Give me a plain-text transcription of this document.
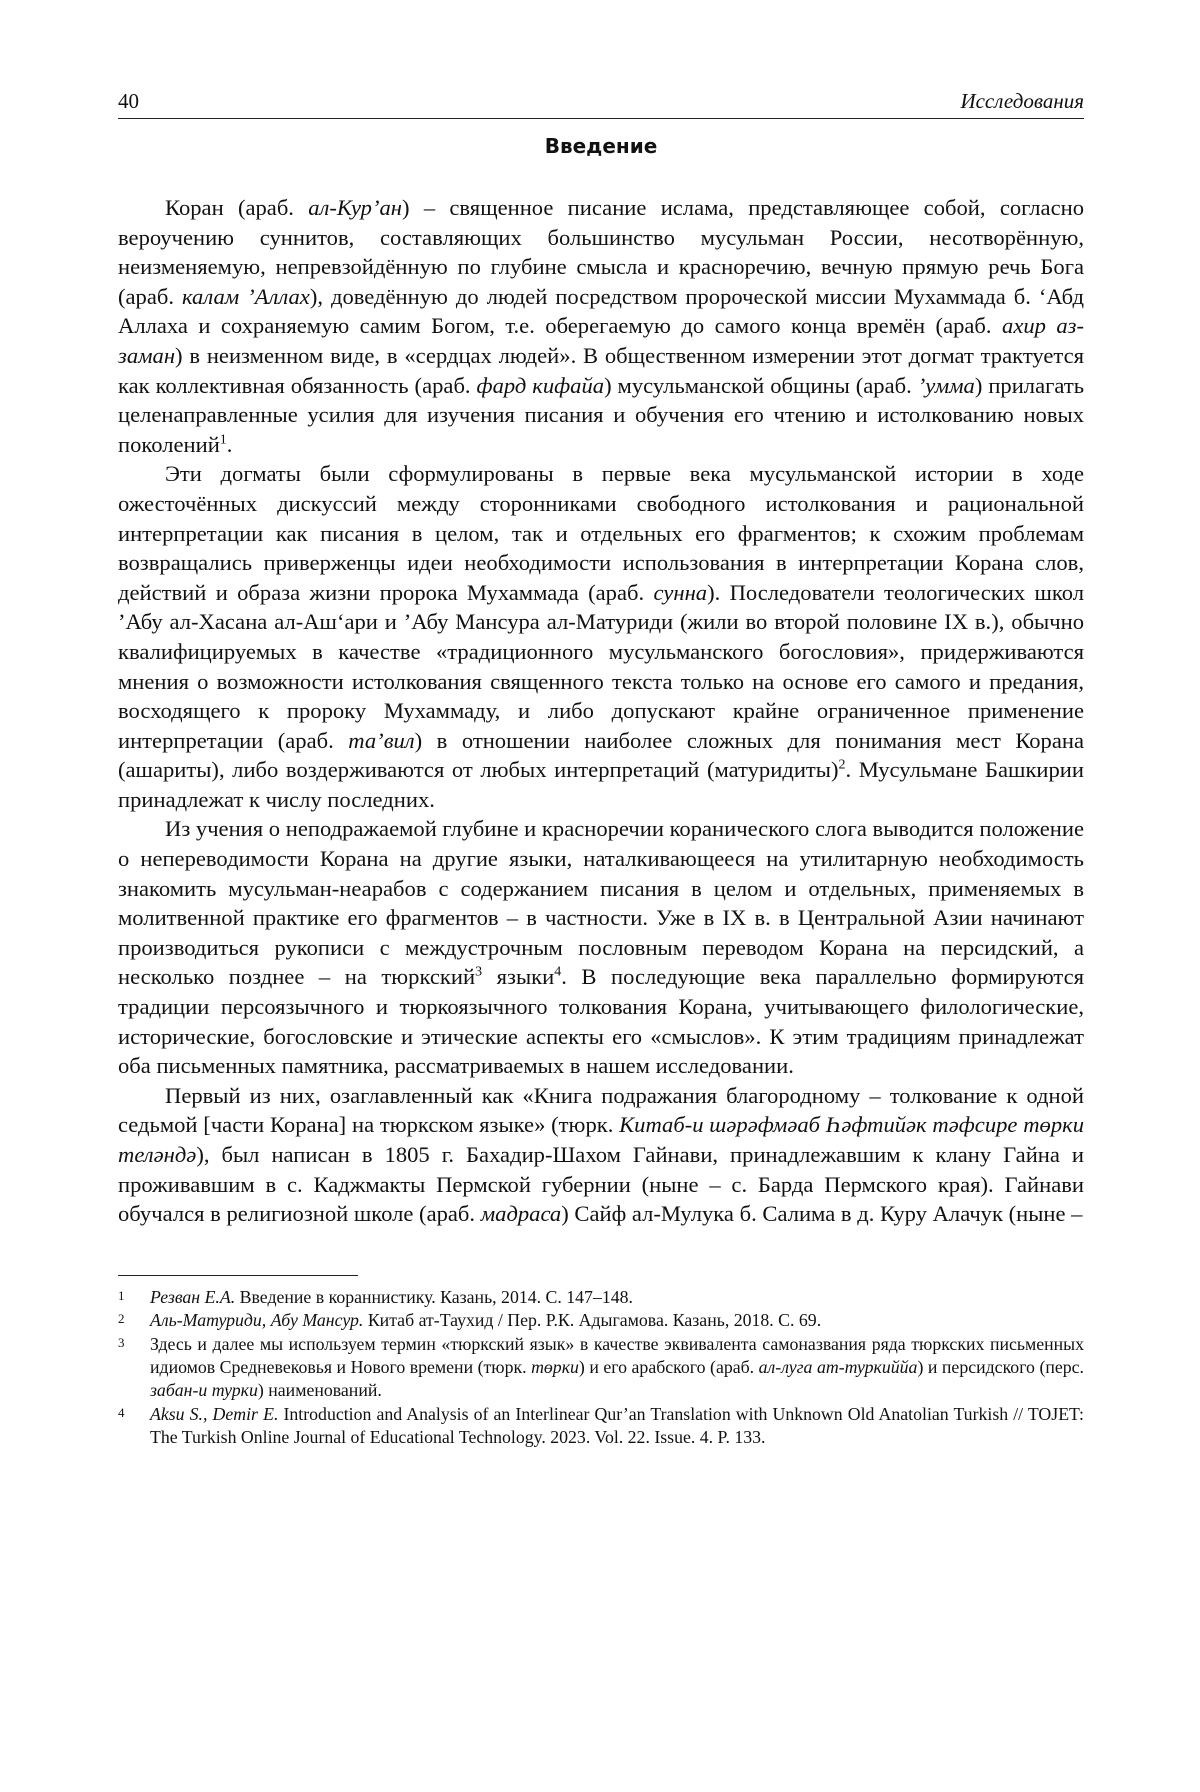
40	Исследования
Введение

Коран (араб. ал-Кур’ан) – священное писание ислама, представляющее собой, согласно вероучению суннитов, составляющих большинство мусульман России, несотворённую, неизменяемую, непревзойдённую по глубине смысла и красноречию, вечную прямую речь Бога (араб. калам ’Аллах), доведённую до людей посредством пророческой миссии Мухаммада б. ‘Абд Аллаха и сохраняемую самим Богом, т.е. оберегаемую до самого конца времён (араб. ахир аз-заман) в неизменном виде, в «сердцах людей». В общественном измерении этот догмат трактуется как коллективная обязанность (араб. фард кифайа) мусульманской общины (араб. ’умма) прилагать целенаправленные усилия для изучения писания и обучения его чтению и истолкованию новых поколений$^1$.

Эти догматы были сформулированы в первые века мусульманской истории в ходе ожесточённых дискуссий между сторонниками свободного истолкования и рациональной интерпретации как писания в целом, так и отдельных его фрагментов; к схожим проблемам возвращались приверженцы идеи необходимости использования в интерпретации Корана слов, действий и образа жизни пророка Мухаммада (араб. сунна). Последователи теологических школ ’Абу ал-Хасана ал-Аш‘ари и ’Абу Мансура ал-Матуриди (жили во второй половине IX в.), обычно квалифицируемых в качестве «традиционного мусульманского богословия», придерживаются мнения о возможности истолкования священного текста только на основе его самого и предания, восходящего к пророку Мухаммаду, и либо допускают крайне ограниченное применение интерпретации (араб. та’вил) в отношении наиболее сложных для понимания мест Корана (ашариты), либо воздерживаются от любых интерпретаций (матуридиты)$^2$. Мусульмане Башкирии принадлежат к числу последних.

Из учения о неподражаемой глубине и красноречии коранического слога выводится положение о непереводимости Корана на другие языки, наталкивающееся на утилитарную необходимость знакомить мусульман-неарабов с содержанием писания в целом и отдельных, применяемых в молитвенной практике его фрагментов – в частности. Уже в IX в. в Центральной Азии начинают производиться рукописи с междустрочным пословным переводом Корана на персидский, а несколько позднее – на тюркский$^3$ языки$^4$. В последующие века параллельно формируются традиции персоязычного и тюркоязычного толкования Корана, учитывающего филологические, исторические, богословские и этические аспекты его «смыслов». К этим традициям принадлежат оба письменных памятника, рассматриваемых в нашем исследовании.

Первый из них, озаглавленный как «Книга подражания благородному – толкование к одной седьмой [части Корана] на тюркском языке» (тюрк. Китаб-и шәрәфмәаб Һәфтийәк тәфсире төрки теләндә), был написан в 1805 г. Бахадир-Шахом Гайнави, принадлежавшим к клану Гайна и проживавшим в с. Каджмакты Пермской губернии (ныне – с. Барда Пермского края). Гайнави обучался в религиозной школе (араб. мадраса) Сайф ал-Мулука б. Салима в д. Куру Алачук (ныне –

1	Резван Е.А. Введение в кораннистику. Казань, 2014. С. 147–148.
2	Аль-Матуриди, Абу Мансур. Китаб ат-Таухид / Пер. Р.К. Адыгамова. Казань, 2018. С. 69.
3	Здесь и далее мы используем термин «тюркский язык» в качестве эквивалента самоназвания ряда тюркских письменных идиомов Средневековья и Нового времени (тюрк. төрки) и его арабского (араб. ал-луга ат-туркиййа) и персидского (перс. забан-и турки) наименований.
4	Aksu S., Demir E. Introduction and Analysis of an Interlinear Qur’an Translation with Unknown Old Anatolian Turkish // TOJET: The Turkish Online Journal of Educational Technology. 2023. Vol. 22. Issue. 4. P. 133.
